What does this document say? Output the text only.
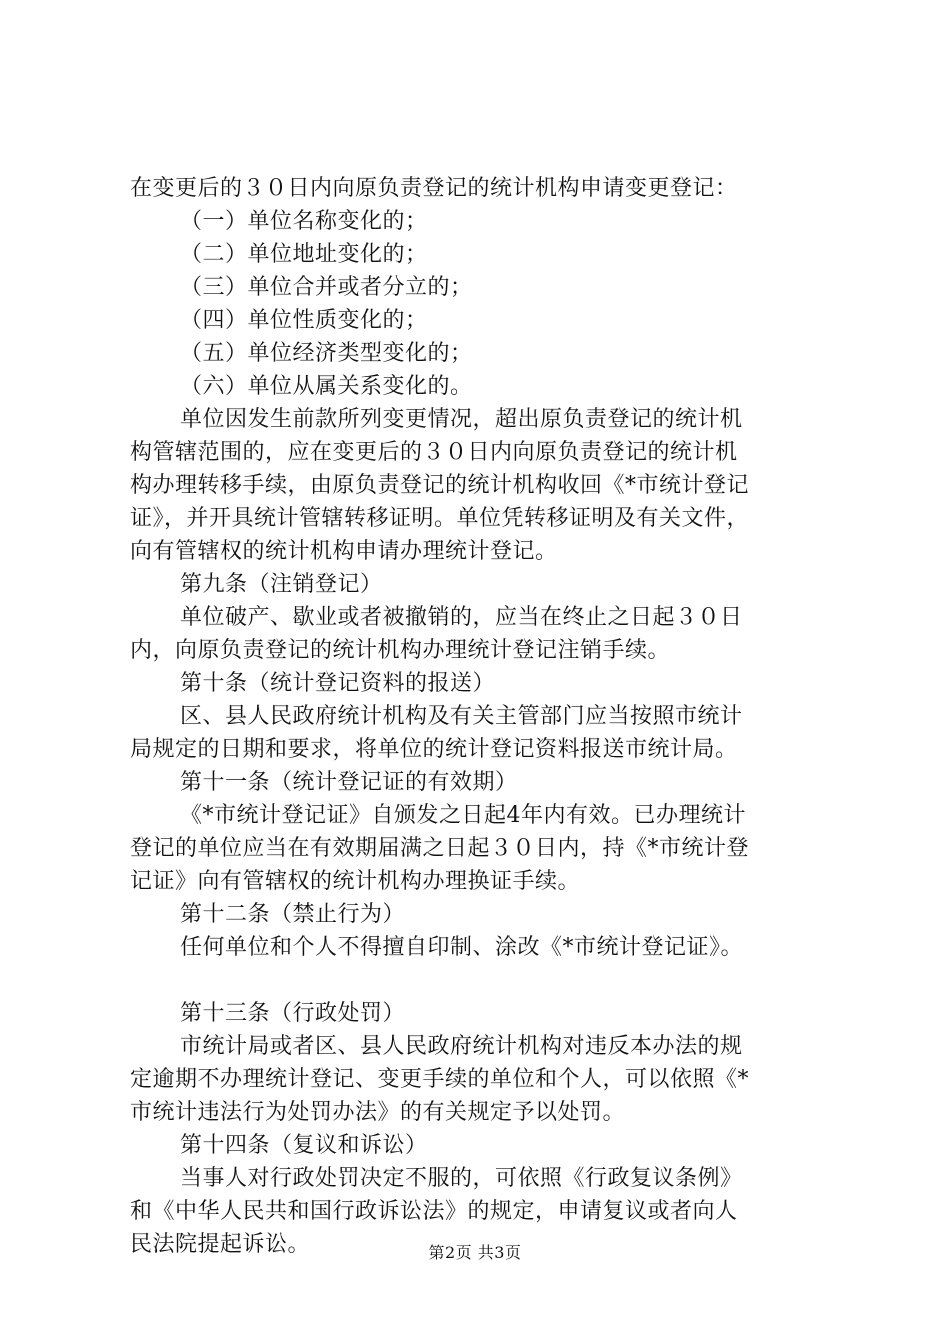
在变更后的３０日内向原负责登记的统计机构申请变更登记：
（一）单位名称变化的；
（二）单位地址变化的；
（三）单位合并或者分立的；
（四）单位性质变化的；
（五）单位经济类型变化的；
（六）单位从属关系变化的。
单位因发生前款所列变更情况，超出原负责登记的统计机
构管辖范围的，应在变更后的３０日内向原负责登记的统计机
构办理转移手续，由原负责登记的统计机构收回《*市统计登记
证》，并开具统计管辖转移证明。单位凭转移证明及有关文件，
向有管辖权的统计机构申请办理统计登记。
第九条（注销登记）
单位破产、歇业或者被撤销的，应当在终止之日起３０日
内，向原负责登记的统计机构办理统计登记注销手续。
第十条（统计登记资料的报送）
区、县人民政府统计机构及有关主管部门应当按照市统计
局规定的日期和要求，将单位的统计登记资料报送市统计局。
第十一条（统计登记证的有效期）
《*市统计登记证》自颁发之日起4年内有效。已办理统计
登记的单位应当在有效期届满之日起３０日内，持《*市统计登
记证》向有管辖权的统计机构办理换证手续。
第十二条（禁止行为）
任何单位和个人不得擅自印制、涂改《*市统计登记证》。
第十三条（行政处罚）
市统计局或者区、县人民政府统计机构对违反本办法的规
定逾期不办理统计登记、变更手续的单位和个人，可以依照《*
市统计违法行为处罚办法》的有关规定予以处罚。
第十四条（复议和诉讼）
当事人对行政处罚决定不服的，可依照《行政复议条例》
和《中华人民共和国行政诉讼法》的规定，申请复议或者向人
民法院提起诉讼。	第2页 共3页
